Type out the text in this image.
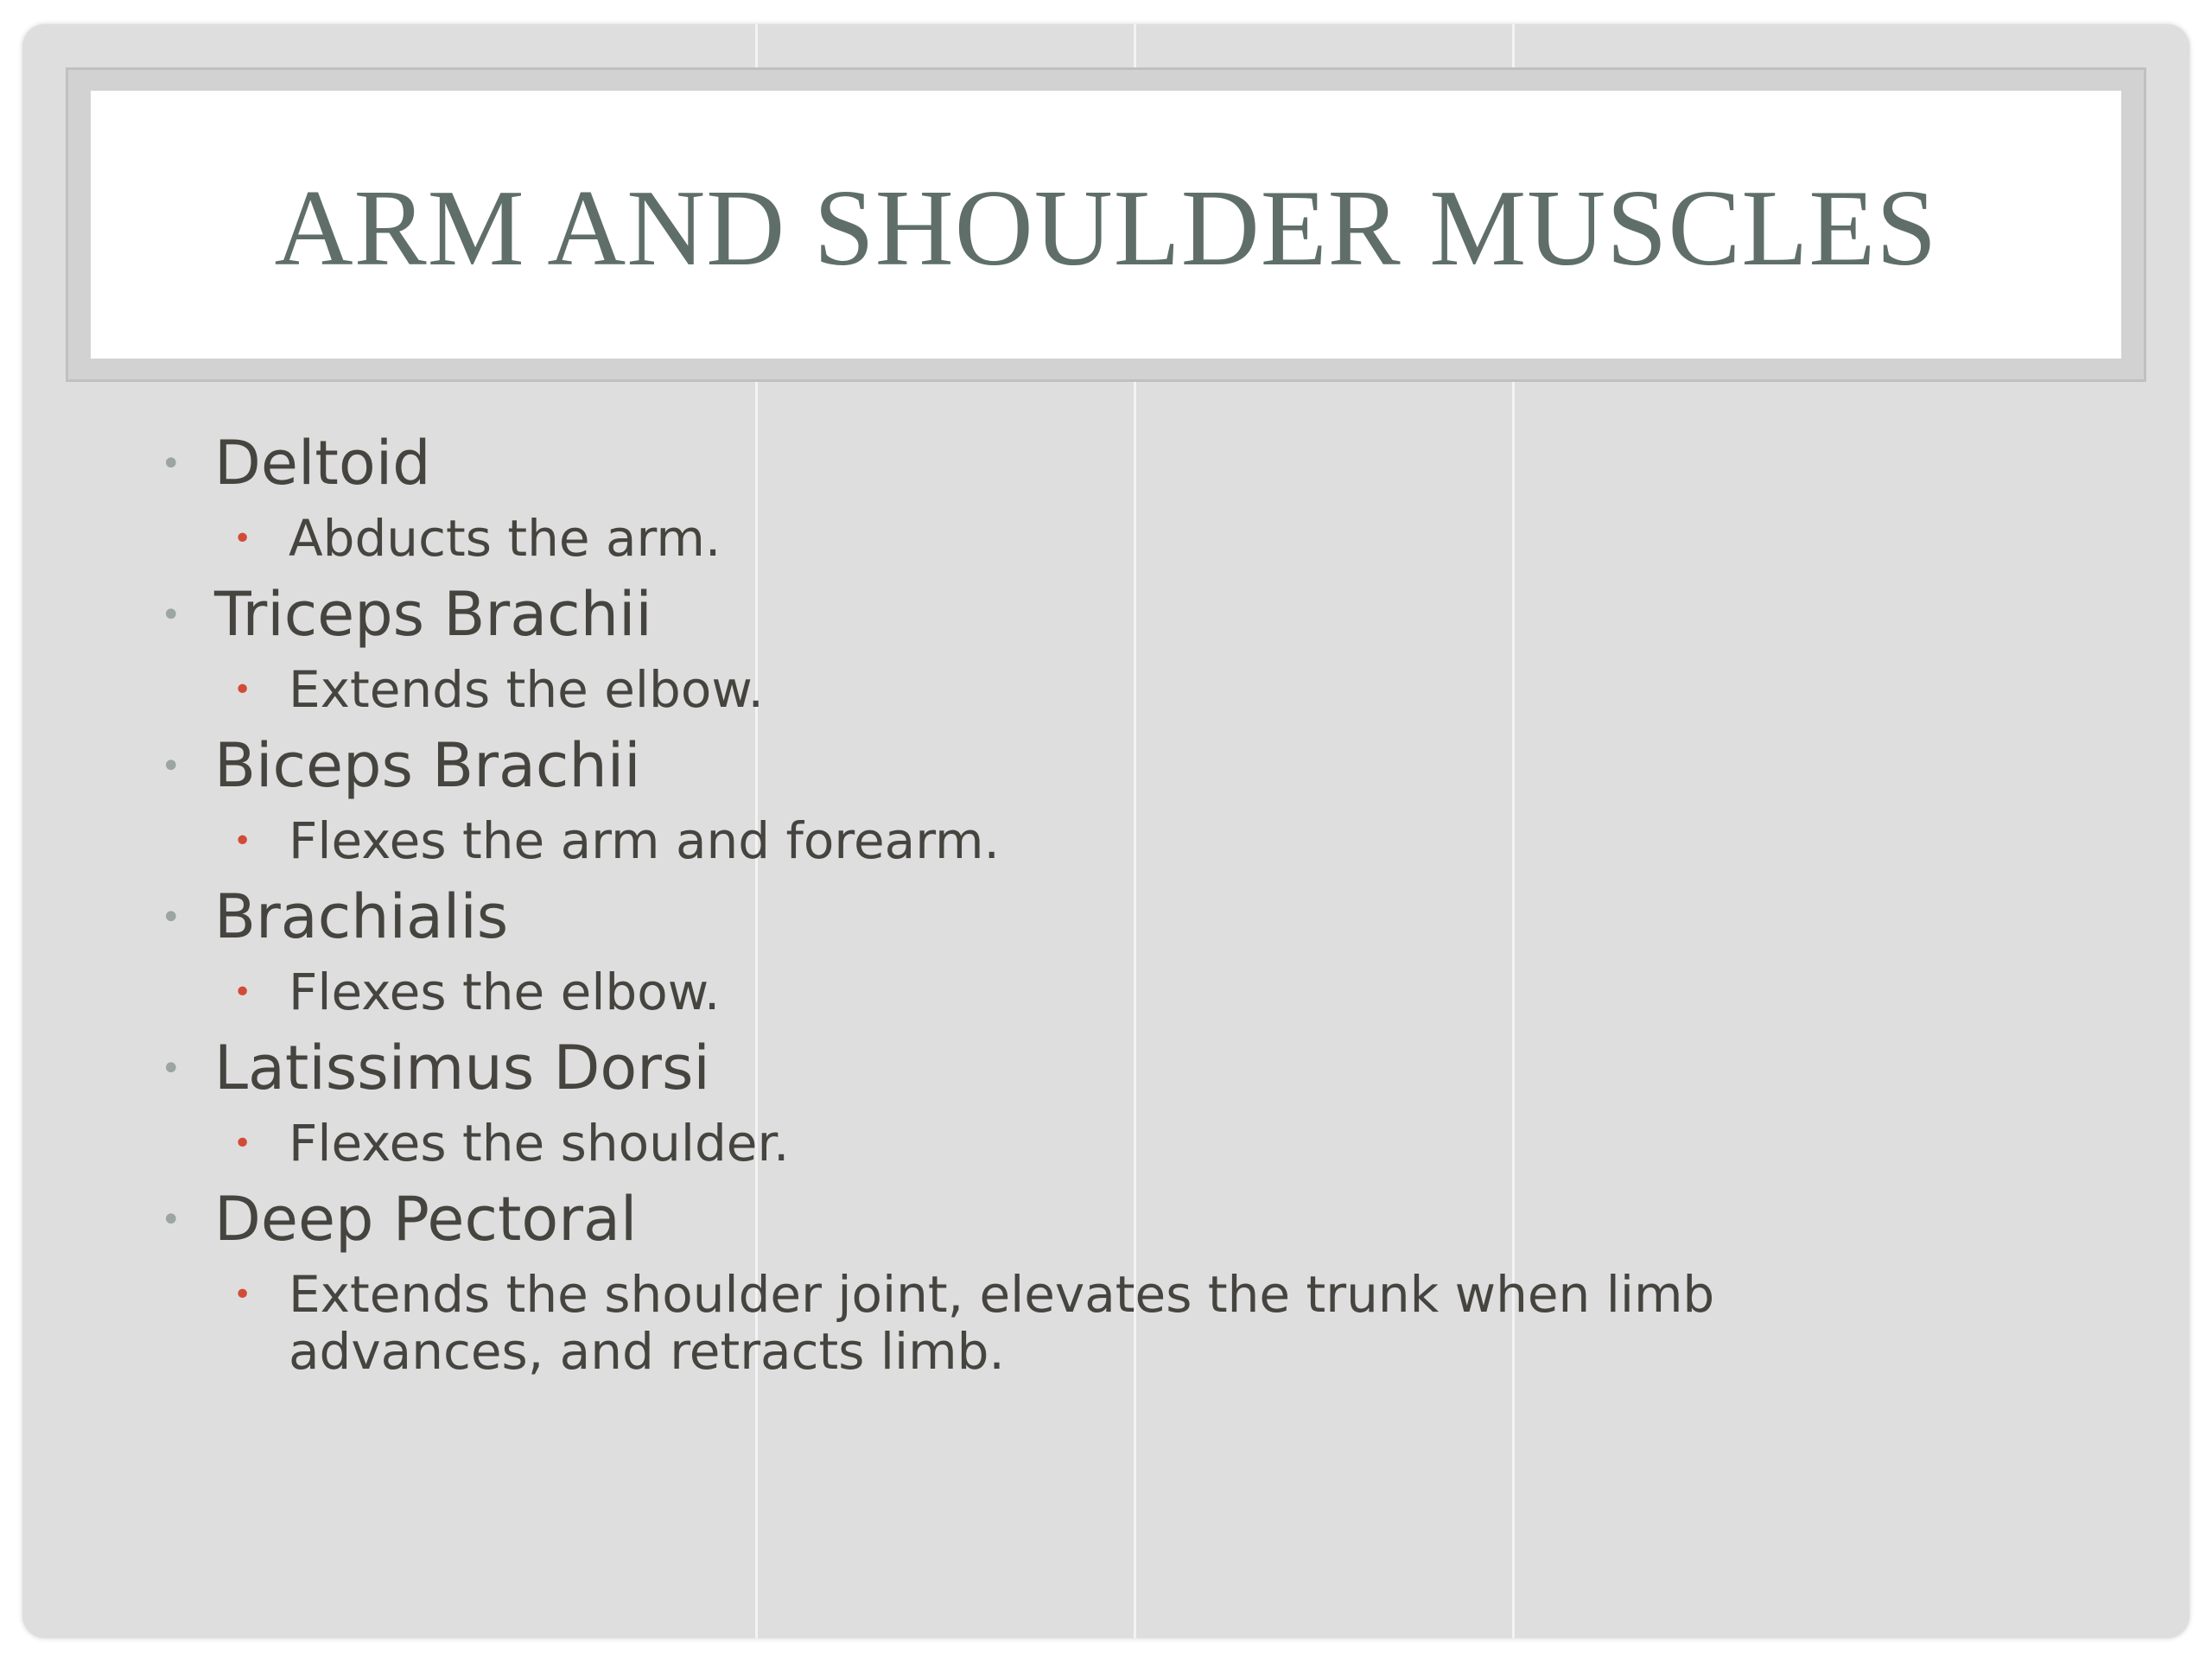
ARM AND SHOULDER MUSCLES
• Deltoid
• Abducts the arm.
• Triceps Brachii
• Extends the elbow.
• Biceps Brachii
• Flexes the arm and forearm.
• Brachialis
• Flexes the elbow.
• Latissimus Dorsi
• Flexes the shoulder.
• Deep Pectoral
• Extends the shoulder joint, elevates the trunk when limb advances, and retracts limb.
